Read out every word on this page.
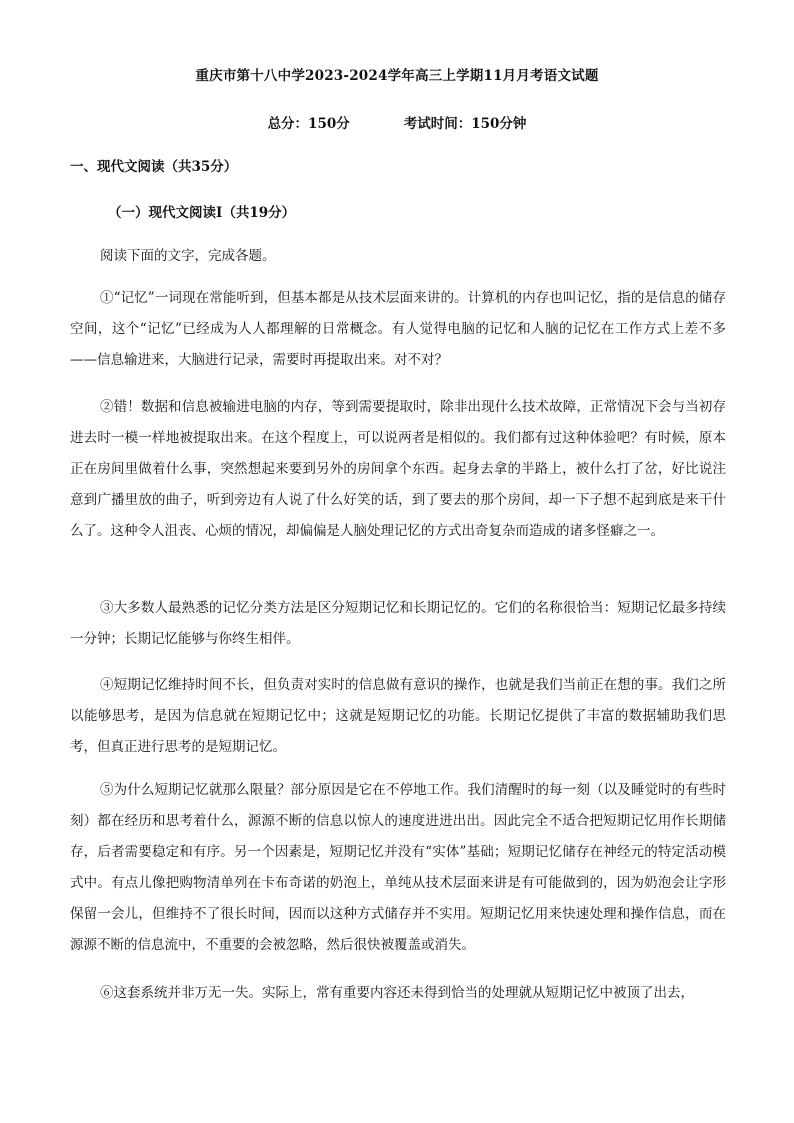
重庆市第十八中学2023-2024学年高三上学期11月月考语文试题
总分：150分	考试时间：150分钟
一、现代文阅读（共35分）
（一）现代文阅读Ⅰ（共19分）
阅读下面的文字，完成各题。

①“记忆”一词现在常能听到，但基本都是从技术层面来讲的。计算机的内存也叫记忆，指的是信息的储存空间，这个“记忆”已经成为人人都理解的日常概念。有人觉得电脑的记忆和人脑的记忆在工作方式上差不多——信息输进来，大脑进行记录，需要时再提取出来。对不对？

②错！数据和信息被输进电脑的内存，等到需要提取时，除非出现什么技术故障，正常情况下会与当初存进去时一模一样地被提取出来。在这个程度上，可以说两者是相似的。我们都有过这种体验吧？有时候，原本正在房间里做着什么事，突然想起来要到另外的房间拿个东西。起身去拿的半路上，被什么打了岔，好比说注意到广播里放的曲子，听到旁边有人说了什么好笑的话，到了要去的那个房间，却一下子想不起到底是来干什么了。这种令人沮丧、心烦的情况，却偏偏是人脑处理记忆的方式出奇复杂而造成的诸多怪癖之一。

③大多数人最熟悉的记忆分类方法是区分短期记忆和长期记忆的。它们的名称很恰当：短期记忆最多持续一分钟；长期记忆能够与你终生相伴。

④短期记忆维持时间不长，但负责对实时的信息做有意识的操作，也就是我们当前正在想的事。我们之所以能够思考，是因为信息就在短期记忆中；这就是短期记忆的功能。长期记忆提供了丰富的数据辅助我们思考，但真正进行思考的是短期记忆。

⑤为什么短期记忆就那么限量？部分原因是它在不停地工作。我们清醒时的每一刻（以及睡觉时的有些时刻）都在经历和思考着什么，源源不断的信息以惊人的速度进进出出。因此完全不适合把短期记忆用作长期储存，后者需要稳定和有序。另一个因素是，短期记忆并没有“实体”基础；短期记忆储存在神经元的特定活动模式中。有点儿像把购物清单列在卡布奇诺的奶泡上，单纯从技术层面来讲是有可能做到的，因为奶泡会让字形保留一会儿，但维持不了很长时间，因而以这种方式储存并不实用。短期记忆用来快速处理和操作信息，而在源源不断的信息流中，不重要的会被忽略，然后很快被覆盖或消失。

⑥这套系统并非万无一失。实际上，常有重要内容还未得到恰当的处理就从短期记忆中被顶了出去，
